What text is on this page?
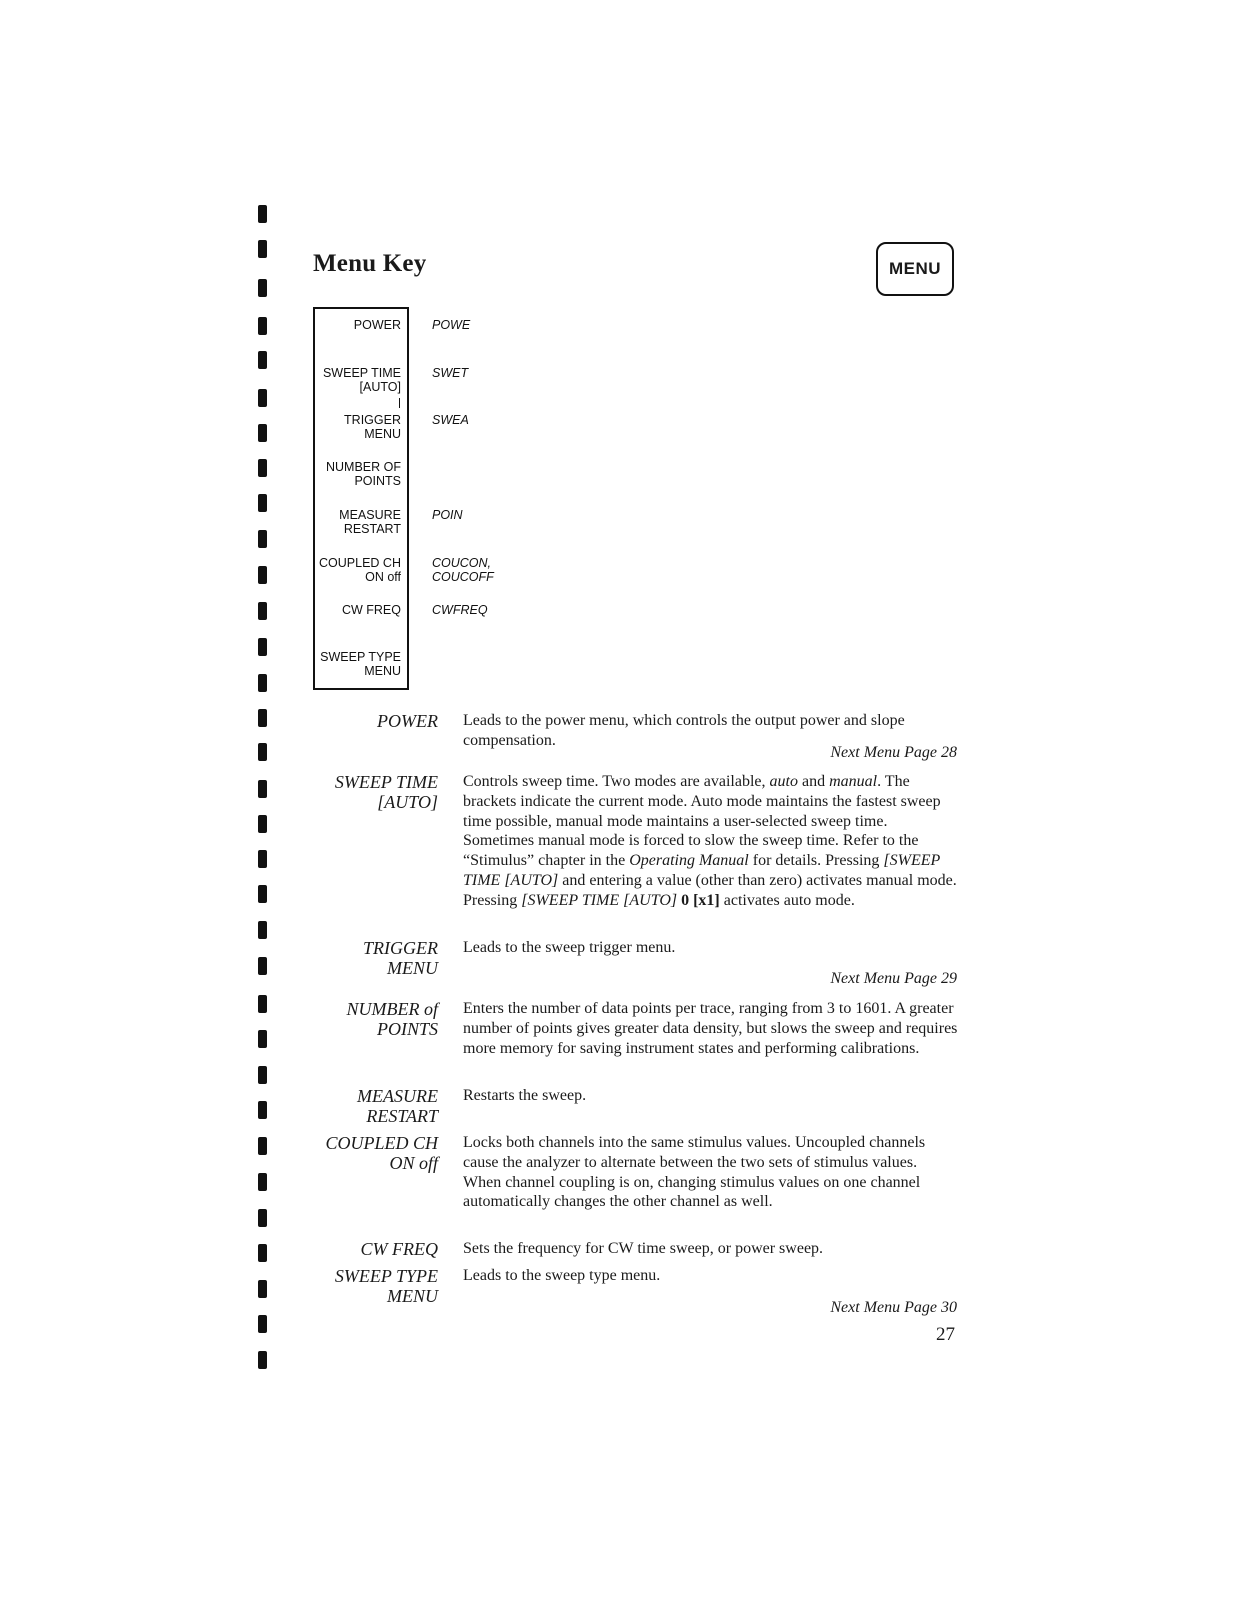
Menu Key	MENU
POWER
SWEEP TIME
[AUTO]
TRIGGER
MENU
NUMBER OF
POINTS
MEASURE
RESTART
COUPLED CH
ON off
CW FREQ
SWEEP TYPE
MENU
POWE
SWET
SWEA
POIN
COUCON,
COUCOFF
CWFREQ
POWER Leads to the power menu, which controls the output power and slope compensation.
Next Menu Page 28
SWEEP TIME
[AUTO]
Controls sweep time. Two modes are available, auto and manual. The brackets indicate the current mode. Auto mode maintains the fastest sweep time possible, manual mode maintains a user-selected sweep time. Sometimes manual mode is forced to slow the sweep time. Refer to the “Stimulus” chapter in the Operating Manual for details. Pressing [SWEEP TIME [AUTO] and entering a value (other than zero) activates manual mode. Pressing [SWEEP TIME [AUTO] 0 [x1] activates auto mode.
TRIGGER
MENU
Leads to the sweep trigger menu.
Next Menu Page 29
NUMBER of
POINTS
Enters the number of data points per trace, ranging from 3 to 1601. A greater number of points gives greater data density, but slows the sweep and requires more memory for saving instrument states and performing calibrations.
MEASURE
RESTART
Restarts the sweep.
COUPLED CH
ON off
Locks both channels into the same stimulus values. Uncoupled channels cause the analyzer to alternate between the two sets of stimulus values. When channel coupling is on, changing stimulus values on one channel automatically changes the other channel as well.
CW FREQ Sets the frequency for CW time sweep, or power sweep.
SWEEP TYPE
MENU
Leads to the sweep type menu.
Next Menu Page 30
27
